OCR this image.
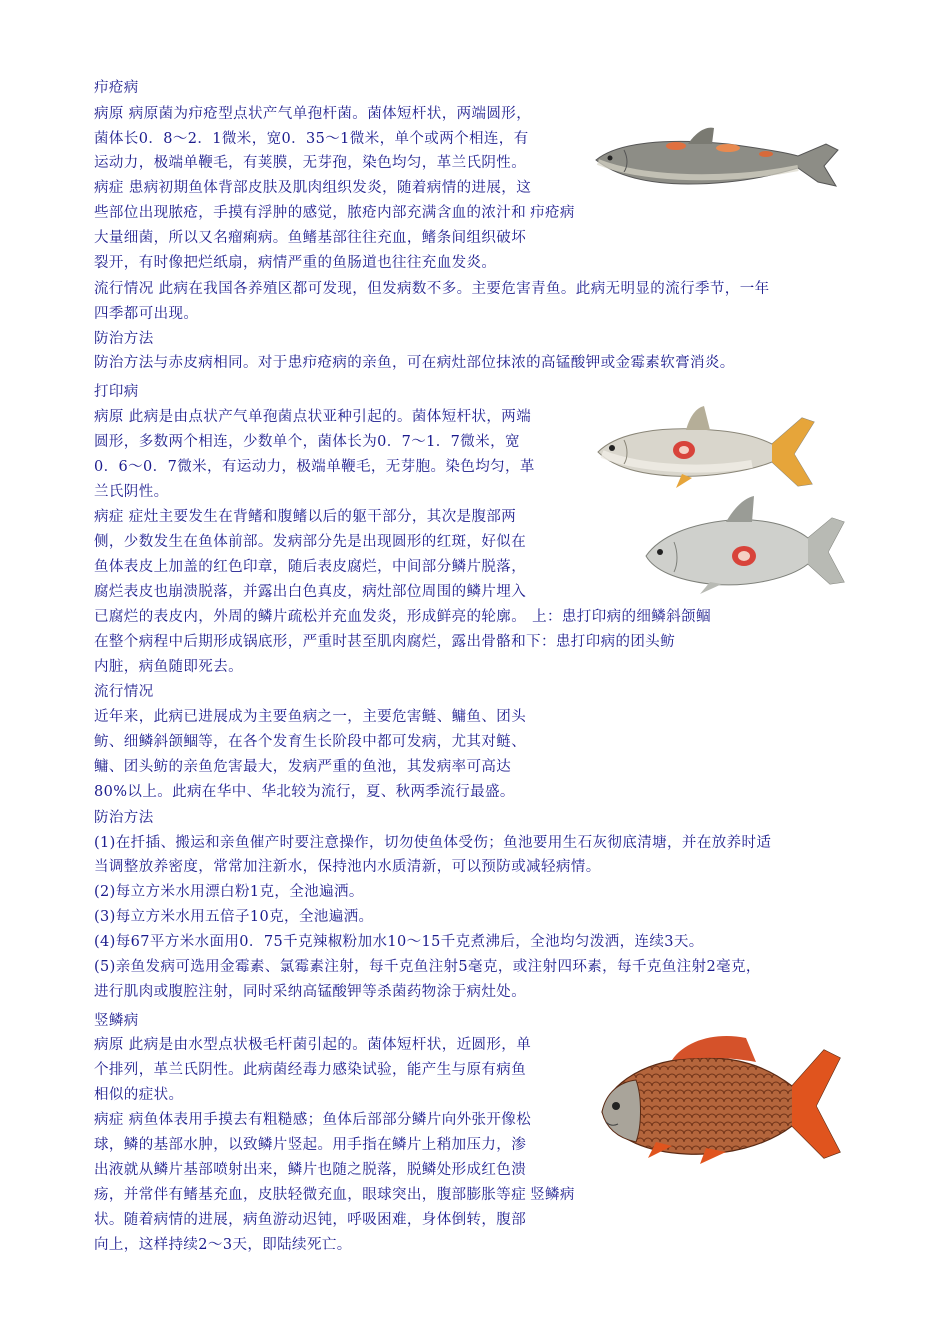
疖疮病
病原 病原菌为疖疮型点状产气单孢杆菌。菌体短杆状，两端圆形，
菌体长0．8～2．1微米，宽0．35～1微米，单个或两个相连，有
运动力，极端单鞭毛，有荚膜，无芽孢，染色均匀，革兰氏阴性。
病症 患病初期鱼体背部皮肤及肌肉组织发炎，随着病情的进展，这
些部位出现脓疮，手摸有浮肿的感觉，脓疮内部充满含血的浓汁和 疖疮病
大量细菌，所以又名瘤痢病。鱼鳍基部往往充血，鳍条间组织破坏
裂开，有时像把烂纸扇，病情严重的鱼肠道也往往充血发炎。
流行情况 此病在我国各养殖区都可发现，但发病数不多。主要危害青鱼。此病无明显的流行季节，一年
四季都可出现。
防治方法
防治方法与赤皮病相同。对于患疖疮病的亲鱼，可在病灶部位抹浓的高锰酸钾或金霉素软膏消炎。
打印病
病原 此病是由点状产气单孢菌点状亚种引起的。菌体短杆状，两端
圆形，多数两个相连，少数单个，菌体长为0．7～1．7微米，宽
0．6～0．7微米，有运动力，极端单鞭毛，无芽胞。染色均匀，革
兰氏阴性。
病症 症灶主要发生在背鳍和腹鳍以后的躯干部分，其次是腹部两
侧，少数发生在鱼体前部。发病部分先是出现圆形的红斑，好似在
鱼体表皮上加盖的红色印章，随后表皮腐烂，中间部分鳞片脱落，
腐烂表皮也崩溃脱落，并露出白色真皮，病灶部位周围的鳞片埋入
已腐烂的表皮内，外周的鳞片疏松并充血发炎，形成鲜亮的轮廓。 上：患打印病的细鳞斜颌鲴
在整个病程中后期形成锅底形，严重时甚至肌肉腐烂，露出骨骼和下：患打印病的团头鲂
内脏，病鱼随即死去。
流行情况
近年来，此病已进展成为主要鱼病之一，主要危害鲢、鳙鱼、团头
鲂、细鳞斜颌鲴等，在各个发育生长阶段中都可发病，尤其对鲢、
鳙、团头鲂的亲鱼危害最大，发病严重的鱼池，其发病率可高达
80%以上。此病在华中、华北较为流行，夏、秋两季流行最盛。
防治方法
(1)在扦插、搬运和亲鱼催产时要注意操作，切勿使鱼体受伤；鱼池要用生石灰彻底清塘，并在放养时适
当调整放养密度，常常加注新水，保持池内水质清新，可以预防或减轻病情。
(2)每立方米水用漂白粉1克，全池遍洒。
(3)每立方米水用五倍子10克，全池遍洒。
(4)每67平方米水面用0．75千克辣椒粉加水10～15千克煮沸后，全池均匀泼洒，连续3天。
(5)亲鱼发病可选用金霉素、氯霉素注射，每千克鱼注射5毫克，或注射四环素，每千克鱼注射2毫克，
进行肌肉或腹腔注射，同时采纳高锰酸钾等杀菌药物涂于病灶处。
竖鳞病
病原 此病是由水型点状极毛杆菌引起的。菌体短杆状，近圆形，单
个排列，革兰氏阴性。此病菌经毒力感染试验，能产生与原有病鱼
相似的症状。
病症 病鱼体表用手摸去有粗糙感；鱼体后部部分鳞片向外张开像松
球，鳞的基部水肿，以致鳞片竖起。用手指在鳞片上稍加压力，渗
出液就从鳞片基部喷射出来，鳞片也随之脱落，脱鳞处形成红色溃
疡，并常伴有鳍基充血，皮肤轻微充血，眼球突出，腹部膨胀等症 竖鳞病
状。随着病情的进展，病鱼游动迟钝，呼吸困难，身体倒转，腹部
向上，这样持续2～3天，即陆续死亡。
